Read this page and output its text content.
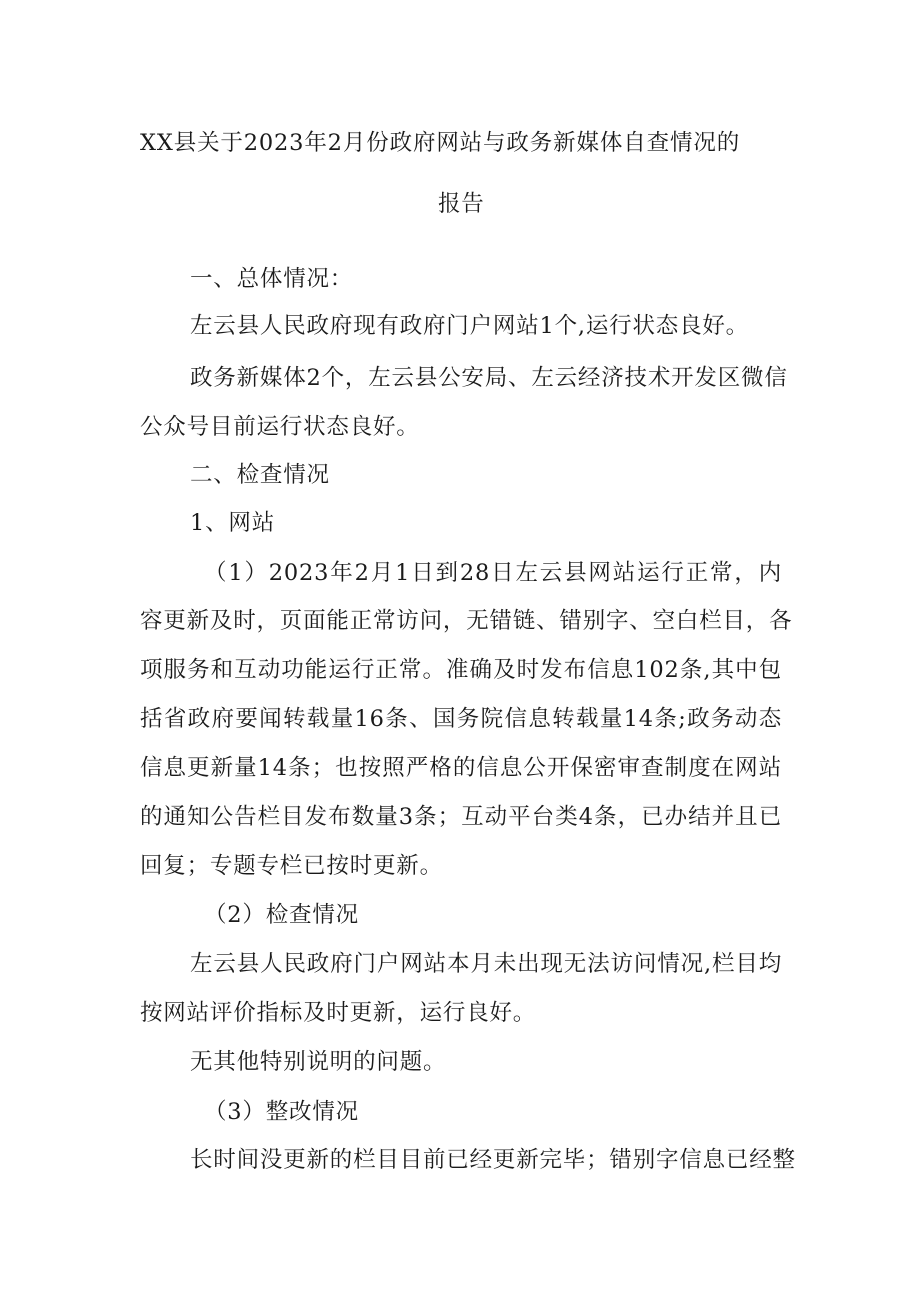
XX县关于2023年2月份政府网站与政务新媒体自查情况的
报告
一、总体情况：
左云县人民政府现有政府门户网站1个,运行状态良好。
政务新媒体2个，左云县公安局、左云经济技术开发区微信
公众号目前运行状态良好。
二、检查情况
1、网站
（1）2023年2月1日到28日左云县网站运行正常，内
容更新及时，页面能正常访问，无错链、错别字、空白栏目，各
项服务和互动功能运行正常。准确及时发布信息102条,其中包
括省政府要闻转载量16条、国务院信息转载量14条;政务动态
信息更新量14条；也按照严格的信息公开保密审查制度在网站
的通知公告栏目发布数量3条；互动平台类4条，已办结并且已
回复；专题专栏已按时更新。
（2）检查情况
左云县人民政府门户网站本月未出现无法访问情况,栏目均
按网站评价指标及时更新，运行良好。
无其他特别说明的问题。
（3）整改情况
长时间没更新的栏目目前已经更新完毕；错别字信息已经整
